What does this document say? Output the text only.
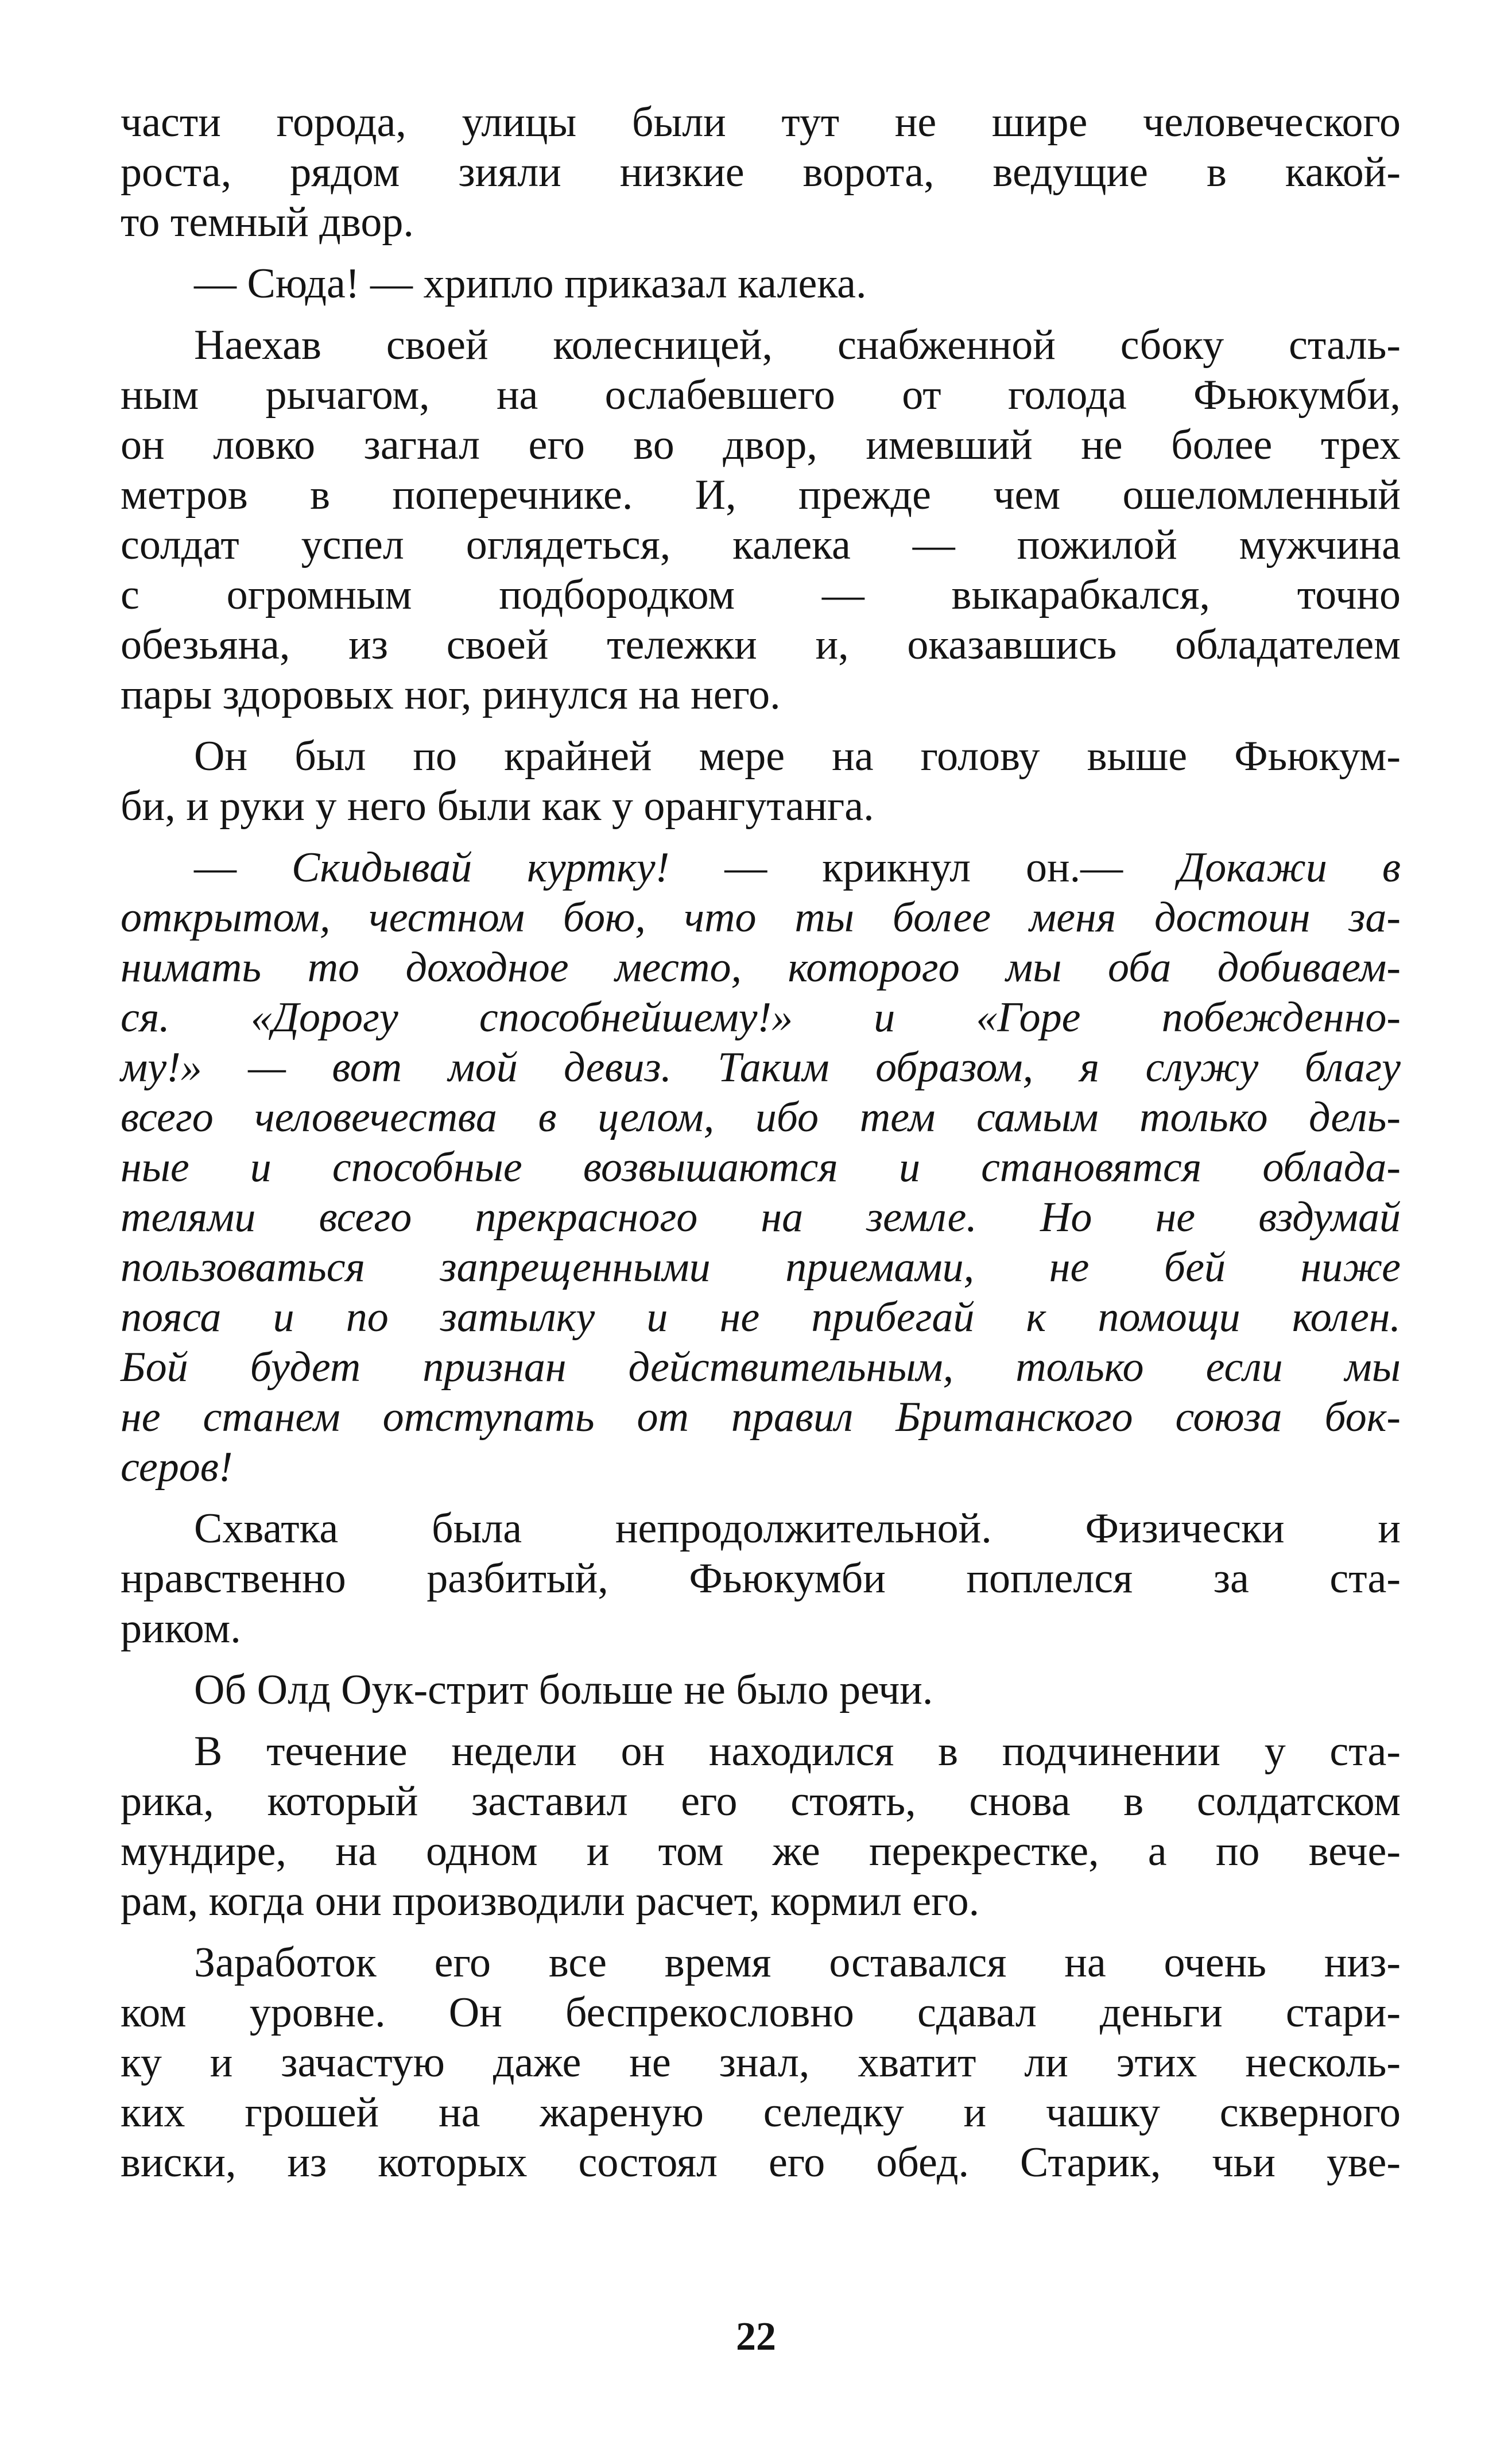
части города, улицы были тут не шире человеческого
роста, рядом зияли низкие ворота, ведущие в какой-
то темный двор.

— Сюда! — хрипло приказал калека.

Наехав своей колесницей, снабженной сбоку сталь-
ным рычагом, на ослабевшего от голода Фьюкумби,
он ловко загнал его во двор, имевший не более трех
метров в поперечнике. И, прежде чем ошеломленный
солдат успел оглядеться, калека — пожилой мужчина
с огромным подбородком — выкарабкался, точно
обезьяна, из своей тележки и, оказавшись обладателем
пары здоровых ног, ринулся на него.

Он был по крайней мере на голову выше Фьюкум-
би, и руки у него были как у орангутанга.

— Скидывай куртку! — крикнул он.— Докажи в
открытом, честном бою, что ты более меня достоин за-
нимать то доходное место, которого мы оба добиваем-
ся. «Дорогу способнейшему!» и «Горе побежденно-
му!» — вот мой девиз. Таким образом, я служу благу
всего человечества в целом, ибо тем самым только дель-
ные и способные возвышаются и становятся облада-
телями всего прекрасного на земле. Но не вздумай
пользоваться запрещенными приемами, не бей ниже
пояса и по затылку и не прибегай к помощи колен.
Бой будет признан действительным, только если мы
не станем отступать от правил Британского союза бок-
серов!

Схватка была непродолжительной. Физически и
нравственно разбитый, Фьюкумби поплелся за ста-
риком.

Об Олд Оук-стрит больше не было речи.

В течение недели он находился в подчинении у ста-
рика, который заставил его стоять, снова в солдатском
мундире, на одном и том же перекрестке, а по вече-
рам, когда они производили расчет, кормил его.

Заработок его все время оставался на очень низ-
ком уровне. Он беспрекословно сдавал деньги стари-
ку и зачастую даже не знал, хватит ли этих несколь-
ких грошей на жареную селедку и чашку скверного
виски, из которых состоял его обед. Старик, чьи уве-

22
